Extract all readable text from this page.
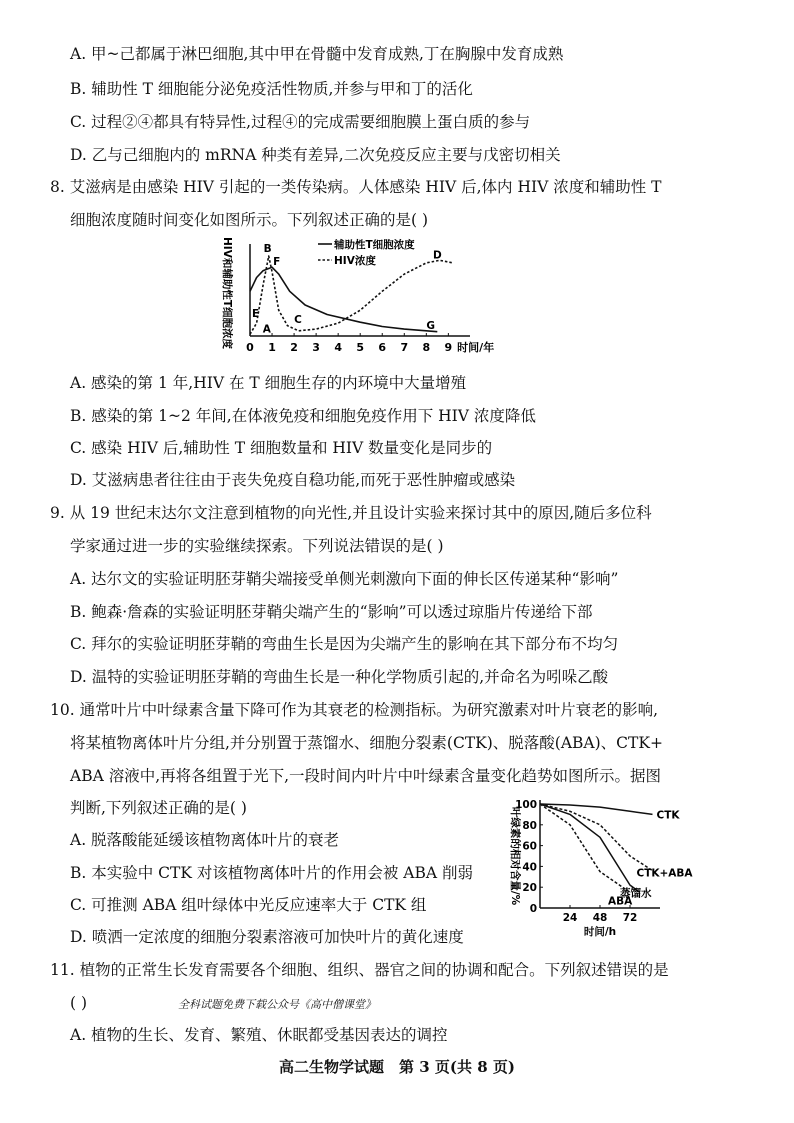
A. 甲~己都属于淋巴细胞,其中甲在骨髓中发育成熟,丁在胸腺中发育成熟
B. 辅助性 T 细胞能分泌免疫活性物质,并参与甲和丁的活化
C. 过程②④都具有特异性,过程④的完成需要细胞膜上蛋白质的参与
D. 乙与己细胞内的 mRNA 种类有差异,二次免疫反应主要与戊密切相关
8. 艾滋病是由感染 HIV 引起的一类传染病。人体感染 HIV 后,体内 HIV 浓度和辅助性 T
细胞浓度随时间变化如图所示。下列叙述正确的是( )
0 1 2 3 4 5 6 7 8 9 时间/年
HIV和辅助性T细胞浓度	辅助性T细胞浓度
HIV浓度
A
B
C
D
E
F
G
A. 感染的第 1 年,HIV 在 T 细胞生存的内环境中大量增殖
B. 感染的第 1~2 年间,在体液免疫和细胞免疫作用下 HIV 浓度降低
C. 感染 HIV 后,辅助性 T 细胞数量和 HIV 数量变化是同步的
D. 艾滋病患者往往由于丧失免疫自稳功能,而死于恶性肿瘤或感染
9. 从 19 世纪末达尔文注意到植物的向光性,并且设计实验来探讨其中的原因,随后多位科
学家通过进一步的实验继续探索。下列说法错误的是( )
A. 达尔文的实验证明胚芽鞘尖端接受单侧光刺激向下面的伸长区传递某种“影响”
B. 鲍森·詹森的实验证明胚芽鞘尖端产生的“影响”可以透过琼脂片传递给下部
C. 拜尔的实验证明胚芽鞘的弯曲生长是因为尖端产生的影响在其下部分布不均匀
D. 温特的实验证明胚芽鞘的弯曲生长是一种化学物质引起的,并命名为吲哚乙酸
10. 通常叶片中叶绿素含量下降可作为其衰老的检测指标。为研究激素对叶片衰老的影响,
将某植物离体叶片分组,并分别置于蒸馏水、细胞分裂素(CTK)、脱落酸(ABA)、CTK+
ABA 溶液中,再将各组置于光下,一段时间内叶片中叶绿素含量变化趋势如图所示。据图
判断,下列叙述正确的是( )
A. 脱落酸能延缓该植物离体叶片的衰老
B. 本实验中 CTK 对该植物离体叶片的作用会被 ABA 削弱
C. 可推测 ABA 组叶绿体中光反应速率大于 CTK 组
D. 喷洒一定浓度的细胞分裂素溶液可加快叶片的黄化速度
0
20
40
60
80
100
24 48 72
时间/h
叶绿素的相对含量/%	CTK
CTK+ABA
蒸馏水
ABA
11. 植物的正常生长发育需要各个细胞、组织、器官之间的协调和配合。下列叙述错误的是
( )	全科试题免费下载公众号《高中僧课堂》
A. 植物的生长、发育、繁殖、休眠都受基因表达的调控
高二生物学试题　第 3 页(共 8 页)
